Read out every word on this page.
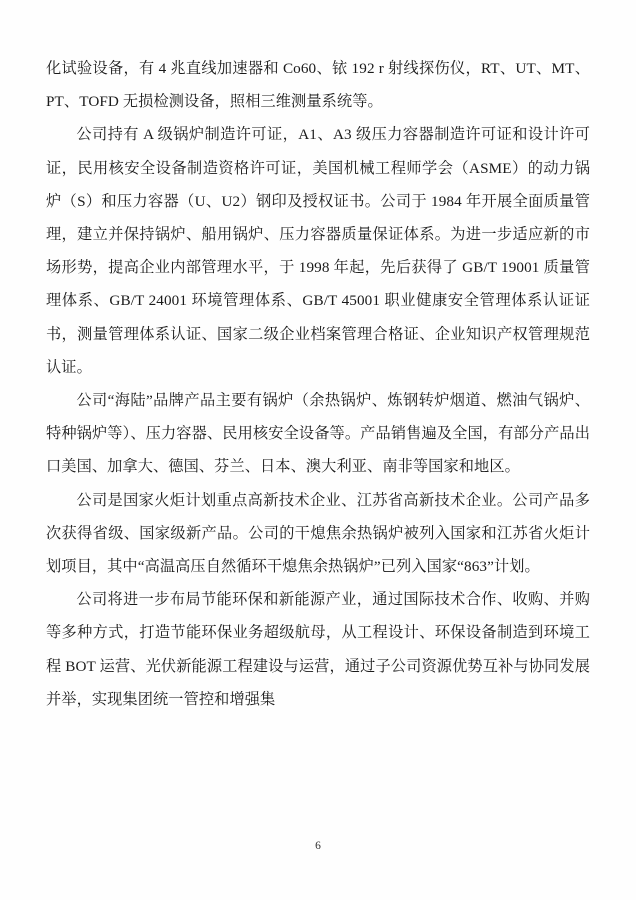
化试验设备，有 4 兆直线加速器和 Co60、铱 192 r 射线探伤仪，RT、UT、MT、PT、TOFD 无损检测设备，照相三维测量系统等。

公司持有 A 级锅炉制造许可证，A1、A3 级压力容器制造许可证和设计许可证，民用核安全设备制造资格许可证，美国机械工程师学会（ASME）的动力锅炉（S）和压力容器（U、U2）钢印及授权证书。公司于 1984 年开展全面质量管理，建立并保持锅炉、船用锅炉、压力容器质量保证体系。为进一步适应新的市场形势，提高企业内部管理水平，于 1998 年起，先后获得了 GB/T 19001 质量管理体系、GB/T 24001 环境管理体系、GB/T 45001 职业健康安全管理体系认证证书，测量管理体系认证、国家二级企业档案管理合格证、企业知识产权管理规范认证。

公司“海陆”品牌产品主要有锅炉（余热锅炉、炼钢转炉烟道、燃油气锅炉、特种锅炉等）、压力容器、民用核安全设备等。产品销售遍及全国，有部分产品出口美国、加拿大、德国、芬兰、日本、澳大利亚、南非等国家和地区。

公司是国家火炬计划重点高新技术企业、江苏省高新技术企业。公司产品多次获得省级、国家级新产品。公司的干熄焦余热锅炉被列入国家和江苏省火炬计划项目，其中“高温高压自然循环干熄焦余热锅炉”已列入国家“863”计划。

公司将进一步布局节能环保和新能源产业，通过国际技术合作、收购、并购等多种方式，打造节能环保业务超级航母，从工程设计、环保设备制造到环境工程 BOT 运营、光伏新能源工程建设与运营，通过子公司资源优势互补与协同发展并举，实现集团统一管控和增强集

6
